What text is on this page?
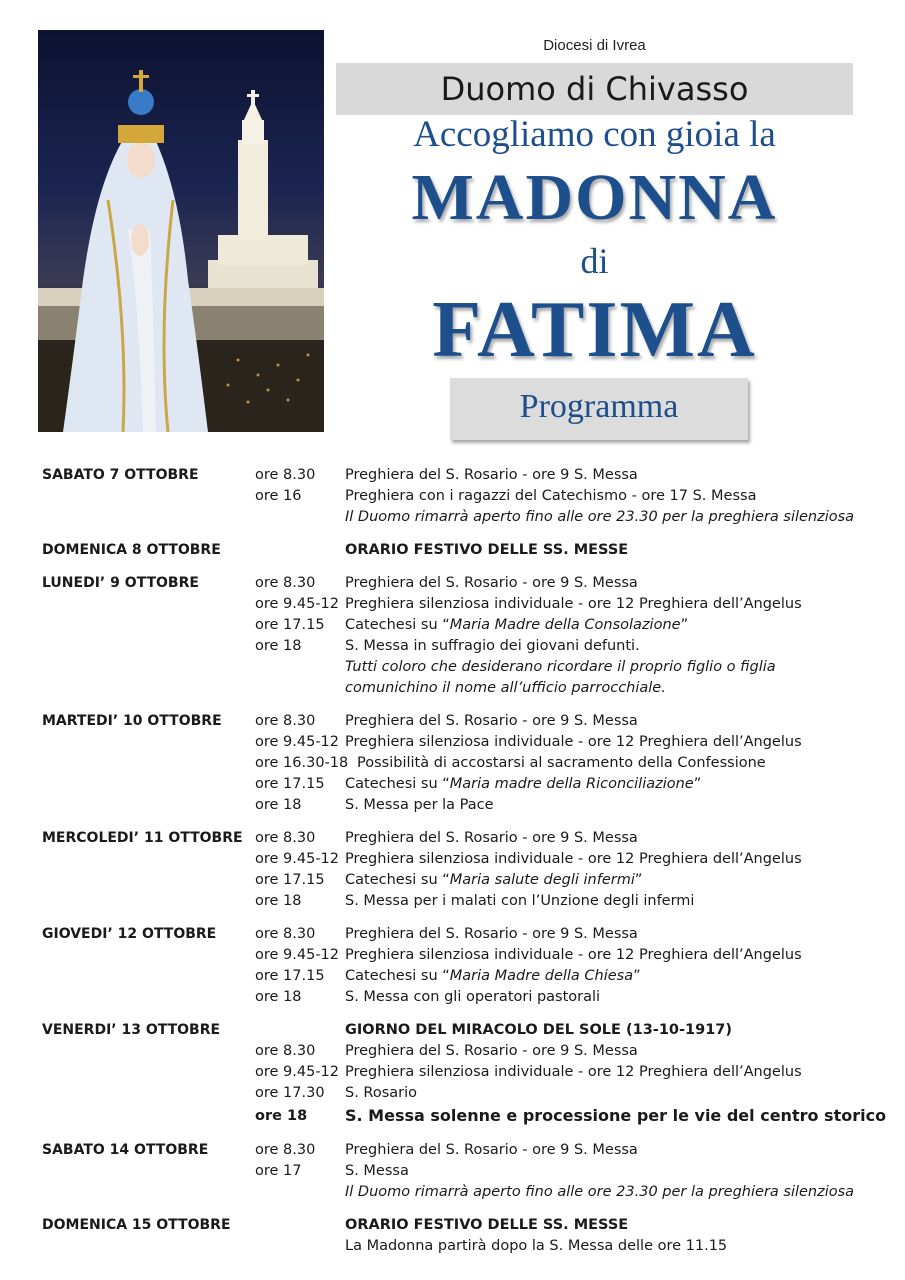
Diocesi di Ivrea
Duomo di Chivasso
Accogliamo con gioia la
MADONNA
di
FATIMA
Programma
SABATO 7 OTTOBRE	ore 8.30 Preghiera del S. Rosario - ore 9 S. Messa
ore 16	Preghiera con i ragazzi del Catechismo - ore 17 S. Messa
Il Duomo rimarrà aperto fino alle ore 23.30 per la preghiera silenziosa
DOMENICA 8 OTTOBRE	ORARIO FESTIVO DELLE SS. MESSE
LUNEDI’ 9 OTTOBRE	ore 8.30 Preghiera del S. Rosario - ore 9 S. Messa
ore 9.45-12 Preghiera silenziosa individuale - ore 12 Preghiera dell’Angelus
ore 17.15 Catechesi su “Maria Madre della Consolazione”
ore 18	S. Messa in suffragio dei giovani defunti.
Tutti coloro che desiderano ricordare il proprio figlio o figlia
comunichino il nome all’ufficio parrocchiale.
MARTEDI’ 10 OTTOBRE ore 8.30 Preghiera del S. Rosario - ore 9 S. Messa
ore 9.45-12 Preghiera silenziosa individuale - ore 12 Preghiera dell’Angelus
ore 16.30-18 Possibilità di accostarsi al sacramento della Confessione
ore 17.15 Catechesi su “Maria madre della Riconciliazione”
ore 18	S. Messa per la Pace
MERCOLEDI’ 11 OTTOBRE ore 8.30 Preghiera del S. Rosario - ore 9 S. Messa
ore 9.45-12 Preghiera silenziosa individuale - ore 12 Preghiera dell’Angelus
ore 17.15 Catechesi su “Maria salute degli infermi”
ore 18	S. Messa per i malati con l’Unzione degli infermi
GIOVEDI’ 12 OTTOBRE	ore 8.30 Preghiera del S. Rosario - ore 9 S. Messa
ore 9.45-12 Preghiera silenziosa individuale - ore 12 Preghiera dell’Angelus
ore 17.15 Catechesi su “Maria Madre della Chiesa”
ore 18	S. Messa con gli operatori pastorali
VENERDI’ 13 OTTOBRE	GIORNO DEL MIRACOLO DEL SOLE (13-10-1917)
ore 8.30 Preghiera del S. Rosario - ore 9 S. Messa
ore 9.45-12 Preghiera silenziosa individuale - ore 12 Preghiera dell’Angelus
ore 17.30 S. Rosario
ore 18 S. Messa solenne e processione per le vie del centro storico
SABATO 14 OTTOBRE	ore 8.30 Preghiera del S. Rosario - ore 9 S. Messa
ore 17	S. Messa
Il Duomo rimarrà aperto fino alle ore 23.30 per la preghiera silenziosa
DOMENICA 15 OTTOBRE	ORARIO FESTIVO DELLE SS. MESSE
La Madonna partirà dopo la S. Messa delle ore 11.15
